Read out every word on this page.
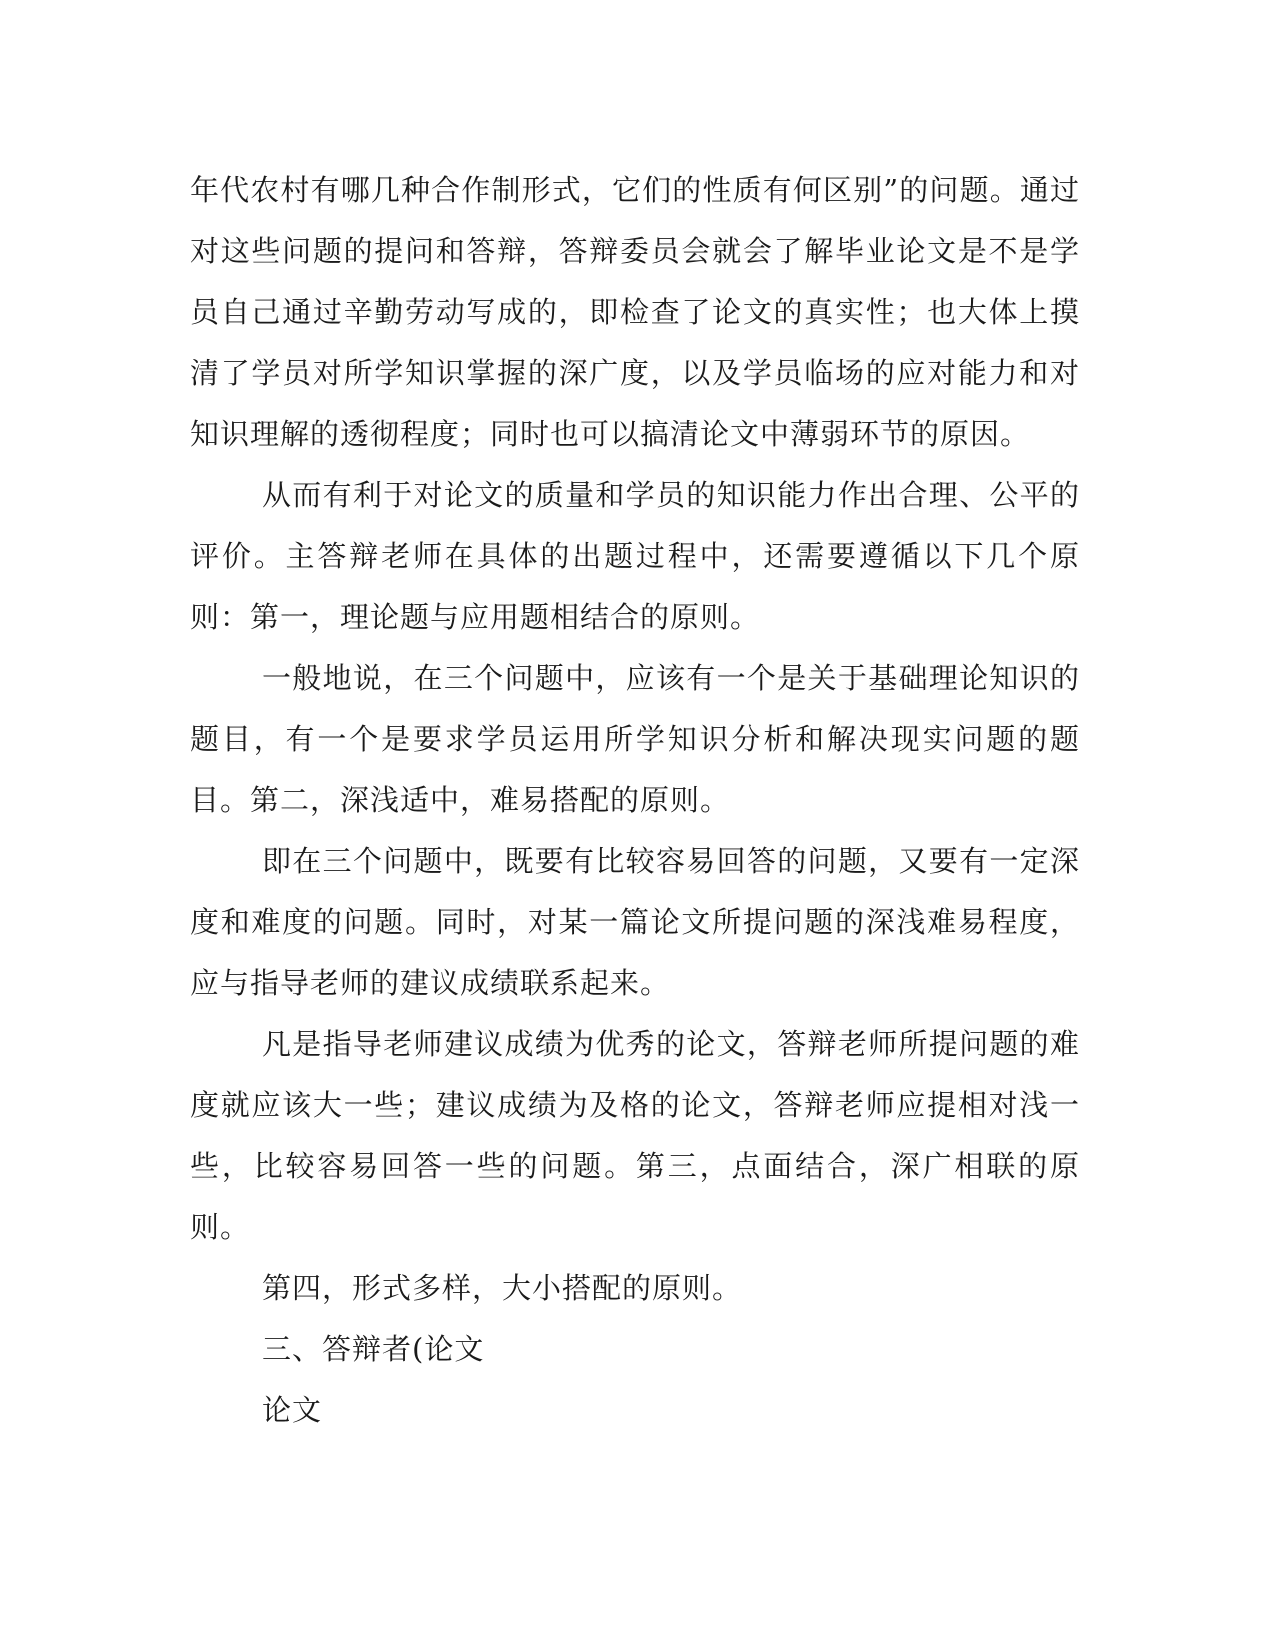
年代农村有哪几种合作制形式，它们的性质有何区别”的问题。通过对这些问题的提问和答辩，答辩委员会就会了解毕业论文是不是学员自己通过辛勤劳动写成的，即检查了论文的真实性；也大体上摸清了学员对所学知识掌握的深广度，以及学员临场的应对能力和对知识理解的透彻程度；同时也可以搞清论文中薄弱环节的原因。

从而有利于对论文的质量和学员的知识能力作出合理、公平的评价。主答辩老师在具体的出题过程中，还需要遵循以下几个原则：第一，理论题与应用题相结合的原则。

一般地说，在三个问题中，应该有一个是关于基础理论知识的题目，有一个是要求学员运用所学知识分析和解决现实问题的题目。第二，深浅适中，难易搭配的原则。

即在三个问题中，既要有比较容易回答的问题，又要有一定深度和难度的问题。同时，对某一篇论文所提问题的深浅难易程度，应与指导老师的建议成绩联系起来。

凡是指导老师建议成绩为优秀的论文，答辩老师所提问题的难度就应该大一些；建议成绩为及格的论文，答辩老师应提相对浅一些，比较容易回答一些的问题。第三，点面结合，深广相联的原则。

第四，形式多样，大小搭配的原则。

三、答辩者(论文

论文
